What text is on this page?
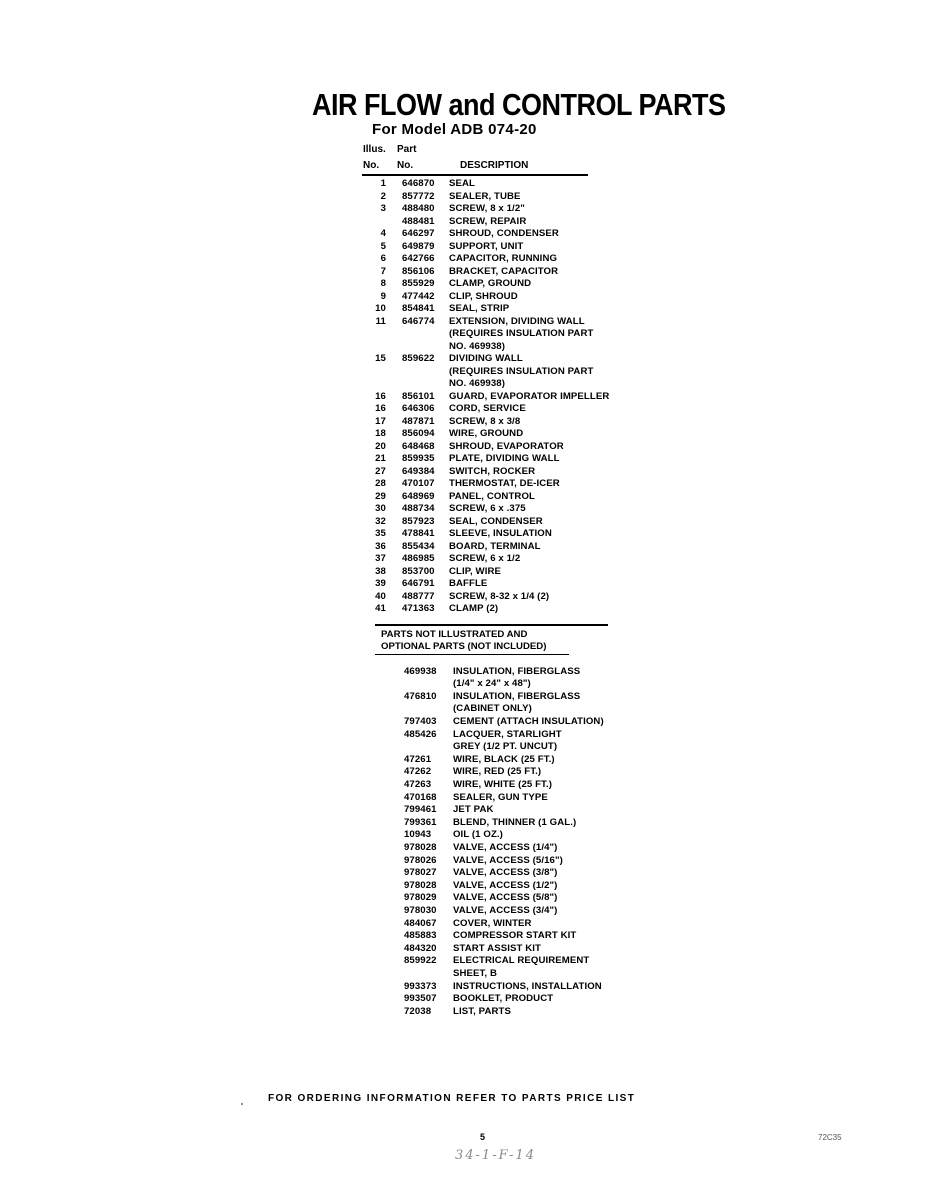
AIR FLOW and CONTROL PARTS
For Model ADB 074-20
Illus. Part
No. No.	DESCRIPTION
1 646870 SEAL
2 857772 SEALER, TUBE
3 488480 SCREW, 8 x 1/2"
488481 SCREW, REPAIR
4 646297 SHROUD, CONDENSER
5 649879 SUPPORT, UNIT
6 642766 CAPACITOR, RUNNING
7 856106 BRACKET, CAPACITOR
8 855929 CLAMP, GROUND
9 477442 CLIP, SHROUD
10 854841 SEAL, STRIP
11 646774 EXTENSION, DIVIDING WALL
(REQUIRES INSULATION PART
NO. 469938)
15 859622 DIVIDING WALL
(REQUIRES INSULATION PART
NO. 469938)
16 856101 GUARD, EVAPORATOR IMPELLER
16 646306 CORD, SERVICE
17 487871 SCREW, 8 x 3/8
18 856094 WIRE, GROUND
20 648468 SHROUD, EVAPORATOR
21 859935 PLATE, DIVIDING WALL
27 649384 SWITCH, ROCKER
28 470107 THERMOSTAT, DE-ICER
29 648969 PANEL, CONTROL
30 488734 SCREW, 6 x .375
32 857923 SEAL, CONDENSER
35 478841 SLEEVE, INSULATION
36 855434 BOARD, TERMINAL
37 486985 SCREW, 6 x 1/2
38 853700 CLIP, WIRE
39 646791 BAFFLE
40 488777 SCREW, 8-32 x 1/4 (2)
41 471363 CLAMP (2)
PARTS NOT ILLUSTRATED AND
OPTIONAL PARTS (NOT INCLUDED)
469938 INSULATION, FIBERGLASS
(1/4" x 24" x 48")
476810 INSULATION, FIBERGLASS
(CABINET ONLY)
797403 CEMENT (ATTACH INSULATION)
485426 LACQUER, STARLIGHT
GREY (1/2 PT. UNCUT)
47261 WIRE, BLACK (25 FT.)
47262 WIRE, RED (25 FT.)
47263 WIRE, WHITE (25 FT.)
470168 SEALER, GUN TYPE
799461 JET PAK
799361 BLEND, THINNER (1 GAL.)
10943 OIL (1 OZ.)
978028 VALVE, ACCESS (1/4")
978026 VALVE, ACCESS (5/16")
978027 VALVE, ACCESS (3/8")
978028 VALVE, ACCESS (1/2")
978029 VALVE, ACCESS (5/8")
978030 VALVE, ACCESS (3/4")
484067 COVER, WINTER
485883 COMPRESSOR START KIT
484320 START ASSIST KIT
859922 ELECTRICAL REQUIREMENT
SHEET, B
993373 INSTRUCTIONS, INSTALLATION
993507 BOOKLET, PRODUCT
72038 LIST, PARTS
FOR ORDERING INFORMATION REFER TO PARTS PRICE LIST
5	72C35
34-1-F-14
